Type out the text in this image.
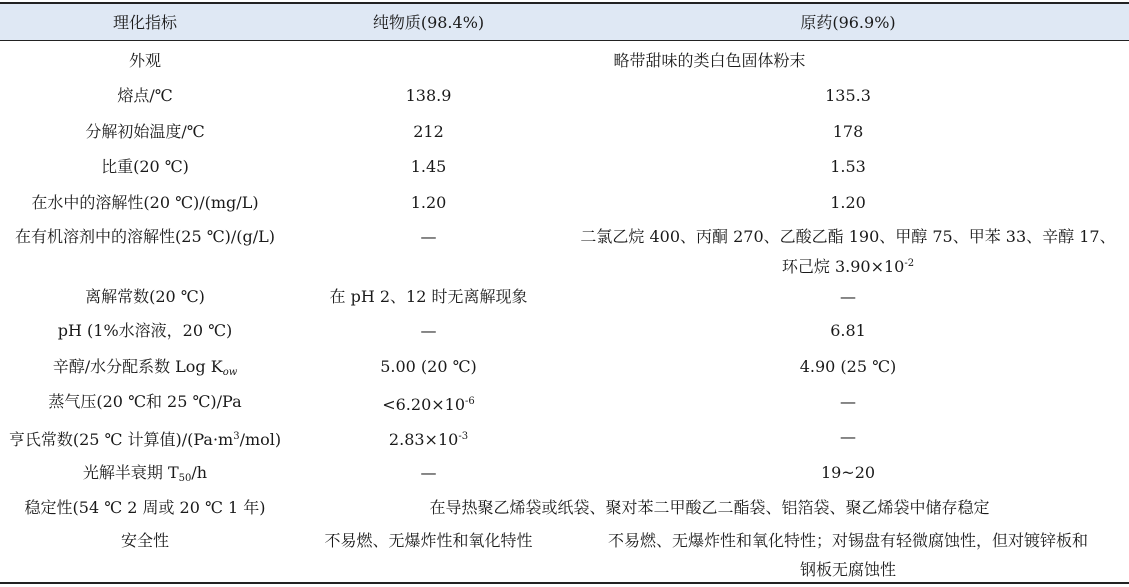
理化指标	纯物质(98.4%)	原药(96.9%)
外观	略带甜味的类白色固体粉末
熔点/℃	138.9	135.3
分解初始温度/℃	212	178
比重(20 ℃)	1.45	1.53
在水中的溶解性(20 ℃)/(mg/L)	1.20	1.20
在有机溶剂中的溶解性(25 ℃)/(g/L)	—	二氯乙烷 400、丙酮 270、乙酸乙酯 190、甲醇 75、甲苯 33、辛醇 17、
环己烷 $3.90\times 10^{-2}$
离解常数(20 ℃)	在 pH 2、12 时无离解现象	—
pH (1%水溶液，20 ℃)	—	6.81
辛醇/水分配系数 Log $K_{ow}$	5.00 (20 ℃)	4.90 (25 ℃)
蒸气压(20 ℃和 25 ℃)/Pa	$<6.20\times 10^{-6}$	—
亨氏常数(25 ℃ 计算值)$/(Pa\cdot m^3/mol)$	$2.83\times 10^{-3}$	—
光解半衰期 $T_{50}/h$	—	19~20
稳定性(54 ℃ 2 周或 20 ℃ 1 年)	在导热聚乙烯袋或纸袋、聚对苯二甲酸乙二酯袋、铝箔袋、聚乙烯袋中储存稳定
安全性	不易燃、无爆炸性和氧化特性	不易燃、无爆炸性和氧化特性；对锡盘有轻微腐蚀性，但对镀锌板和
钢板无腐蚀性
